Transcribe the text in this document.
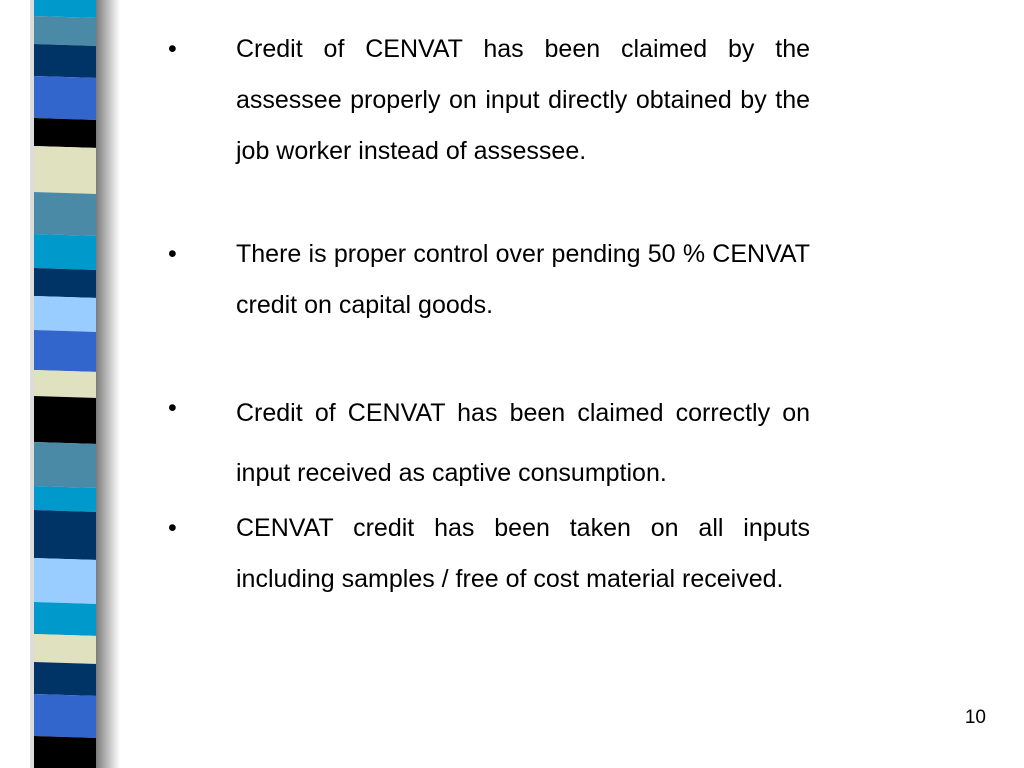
•	Credit of CENVAT has been claimed by the assessee properly on input directly obtained by the job worker instead of assessee.
•	There is proper control over pending 50 % CENVAT credit on capital goods.
•	Credit of CENVAT has been claimed correctly on input received as captive consumption.
•	CENVAT credit has been taken on all inputs including samples / free of cost material received.
10
